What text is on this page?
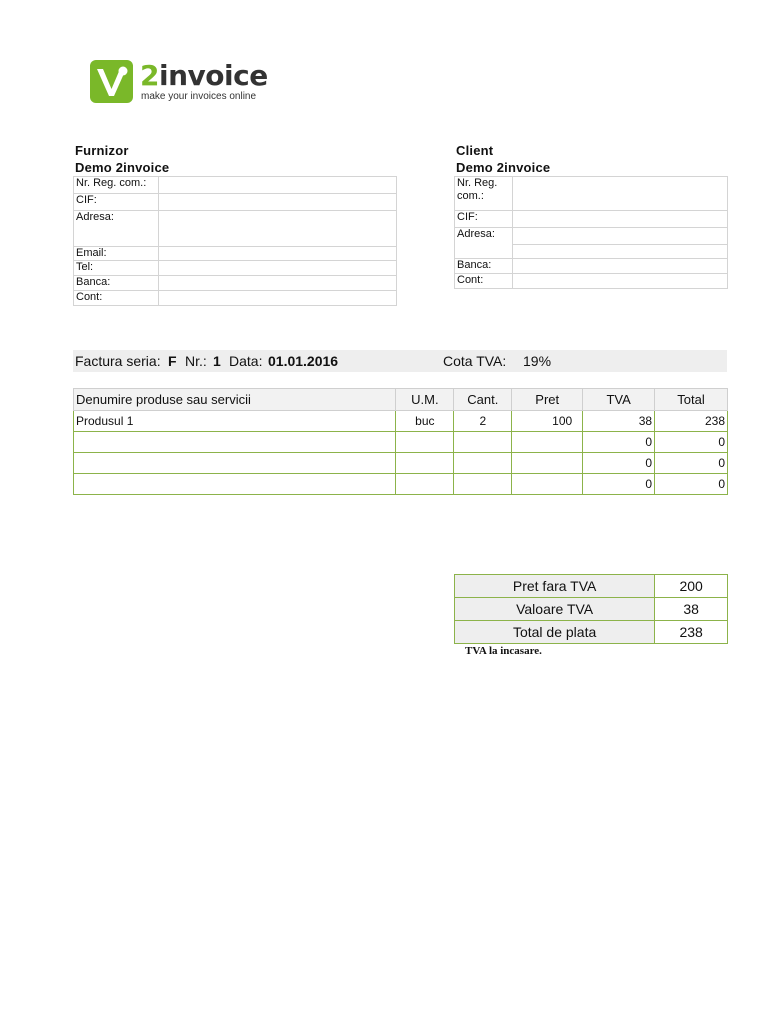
2invoice
make your invoices online
Furnizor
Demo 2invoice
Nr. Reg. com.:	
CIF:	
Adresa:	
Email:	
Tel:	
Banca:	
Cont:	
Client
Demo 2invoice
Nr. Reg. com.:	

CIF:	
Adresa:	

Banca:	
Cont:	
Factura seria: F Nr.: 1 Data: 01.01.2016	Cota TVA: 19%
Denumire produse sau servicii	U.M.	Cant.	Pret	TVA	Total
Produsul 1	buc	2	100	38	238
				0	0
				0	0
				0	0
Pret fara TVA	200
Valoare TVA	38
Total de plata	238
TVA la incasare.
